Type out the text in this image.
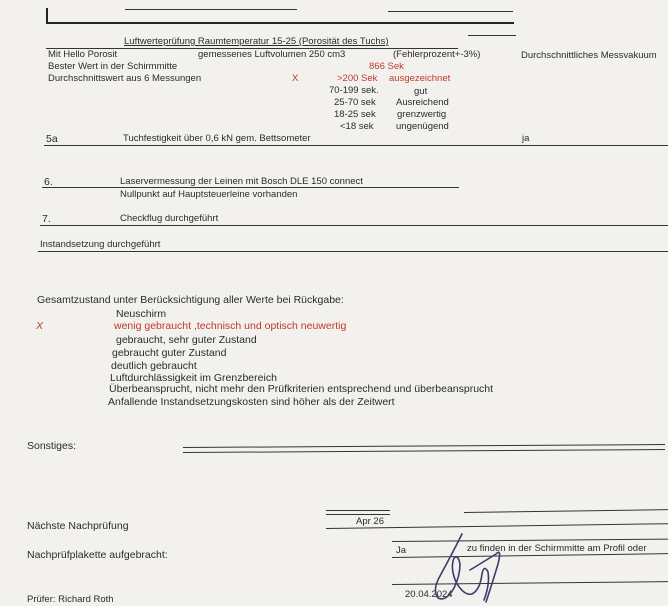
Luftwerteprüfung Raumtemperatur 15-25 (Porosität des Tuchs)
Mit Hello Porosit	gemessenes Luftvolumen 250 cm3	(Fehlerprozent+-3%)	Durchschnittliches Messvakuum
Bester Wert in der Schirmmitte	866 Sek
Durchschnittswert aus 6 Messungen	X	>200 Sek ausgezeichnet
70-199 sek.	gut
25-70 sek Ausreichend
18-25 sek grenzwertig
<18 sek ungenügend
5a	Tuchfestigkeit über 0,6 kN gem. Bettsometer	ja
6.	Laservermessung der Leinen mit Bosch DLE 150 connect
Nullpunkt auf Hauptsteuerleine vorhanden
7.	Checkflug durchgeführt
Instandsetzung durchgeführt
Gesamtzustand unter Berücksichtigung aller Werte bei Rückgabe:
X
Neuschirm
wenig gebraucht ,technisch und optisch neuwertig
gebraucht, sehr guter Zustand
gebraucht guter Zustand
deutlich gebraucht
Luftdurchlässigkeit im Grenzbereich
Überbeansprucht, nicht mehr den Prüfkriterien entsprechend und überbeansprucht
Anfallende Instandsetzungskosten sind höher als der Zeitwert
Sonstiges:
Nächste Nachprüfung	Apr 26
Nachprüfplakette aufgebracht:	Ja	zu finden in der Schirmmitte am Profil oder
Prüfer: Richard Roth	20.04.2024
